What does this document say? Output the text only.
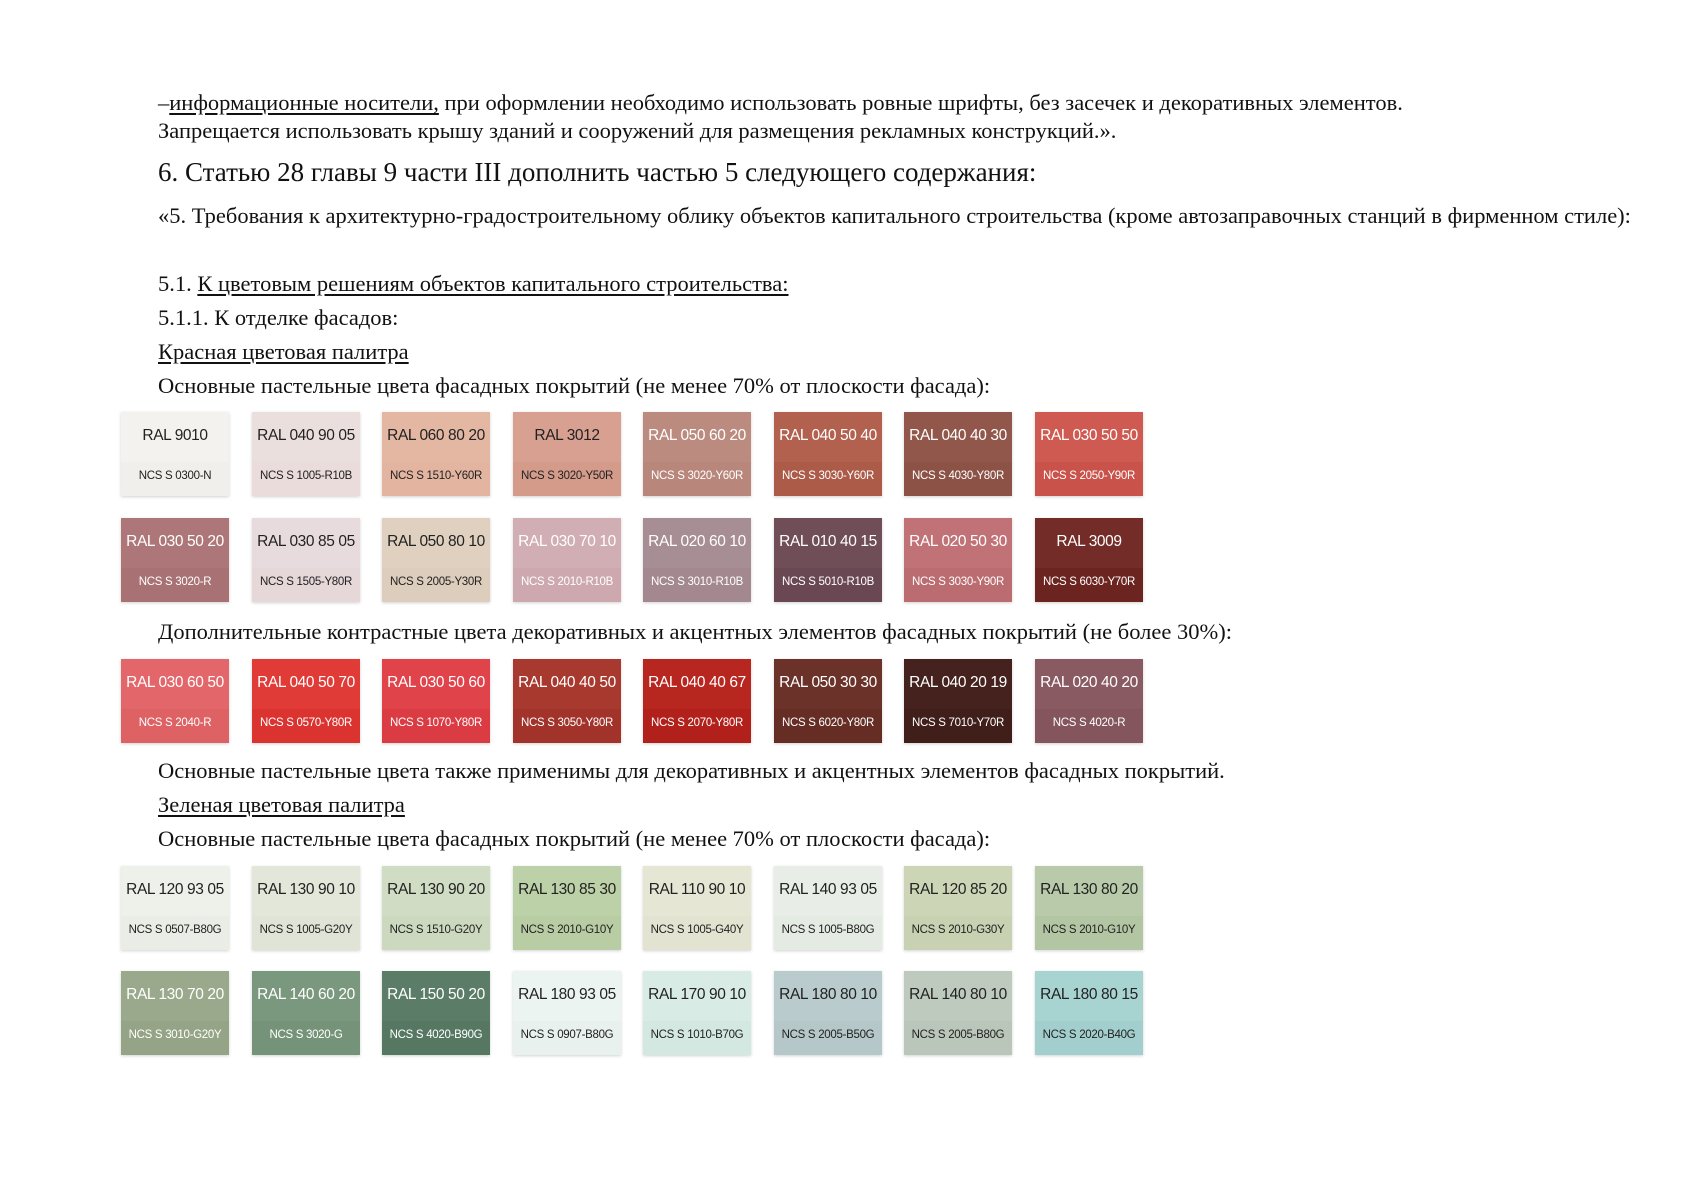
–информационные носители, при оформлении необходимо использовать ровные шрифты, без засечек и декоративных элементов.
Запрещается использовать крышу зданий и сооружений для размещения рекламных конструкций.».
6. Статью 28 главы 9 части III дополнить частью 5 следующего содержания:
«5. Требования к архитектурно-градостроительному облику объектов капитального строительства (кроме автозаправочных станций в фирменном стиле):
5.1. К цветовым решениям объектов капитального строительства:
5.1.1. К отделке фасадов:
Красная цветовая палитра
Основные пастельные цвета фасадных покрытий (не менее 70% от плоскости фасада):
RAL 9010
NCS S 0300-N
RAL 040 90 05
NCS S 1005-R10B
RAL 060 80 20
NCS S 1510-Y60R
RAL 3012
NCS S 3020-Y50R
RAL 050 60 20
NCS S 3020-Y60R
RAL 040 50 40
NCS S 3030-Y60R
RAL 040 40 30
NCS S 4030-Y80R
RAL 030 50 50
NCS S 2050-Y90R
RAL 030 50 20
NCS S 3020-R
RAL 030 85 05
NCS S 1505-Y80R
RAL 050 80 10
NCS S 2005-Y30R
RAL 030 70 10
NCS S 2010-R10B
RAL 020 60 10
NCS S 3010-R10B
RAL 010 40 15
NCS S 5010-R10B
RAL 020 50 30
NCS S 3030-Y90R
RAL 3009
NCS S 6030-Y70R
Дополнительные контрастные цвета декоративных и акцентных элементов фасадных покрытий (не более 30%):
RAL 030 60 50
NCS S 2040-R
RAL 040 50 70
NCS S 0570-Y80R
RAL 030 50 60
NCS S 1070-Y80R
RAL 040 40 50
NCS S 3050-Y80R
RAL 040 40 67
NCS S 2070-Y80R
RAL 050 30 30
NCS S 6020-Y80R
RAL 040 20 19
NCS S 7010-Y70R
RAL 020 40 20
NCS S 4020-R
Основные пастельные цвета также применимы для декоративных и акцентных элементов фасадных покрытий.
Зеленая цветовая палитра
Основные пастельные цвета фасадных покрытий (не менее 70% от плоскости фасада):
RAL 120 93 05
NCS S 0507-B80G
RAL 130 90 10
NCS S 1005-G20Y
RAL 130 90 20
NCS S 1510-G20Y
RAL 130 85 30
NCS S 2010-G10Y
RAL 110 90 10
NCS S 1005-G40Y
RAL 140 93 05
NCS S 1005-B80G
RAL 120 85 20
NCS S 2010-G30Y
RAL 130 80 20
NCS S 2010-G10Y
RAL 130 70 20
NCS S 3010-G20Y
RAL 140 60 20
NCS S 3020-G
RAL 150 50 20
NCS S 4020-B90G
RAL 180 93 05
NCS S 0907-B80G
RAL 170 90 10
NCS S 1010-B70G
RAL 180 80 10
NCS S 2005-B50G
RAL 140 80 10
NCS S 2005-B80G
RAL 180 80 15
NCS S 2020-B40G
